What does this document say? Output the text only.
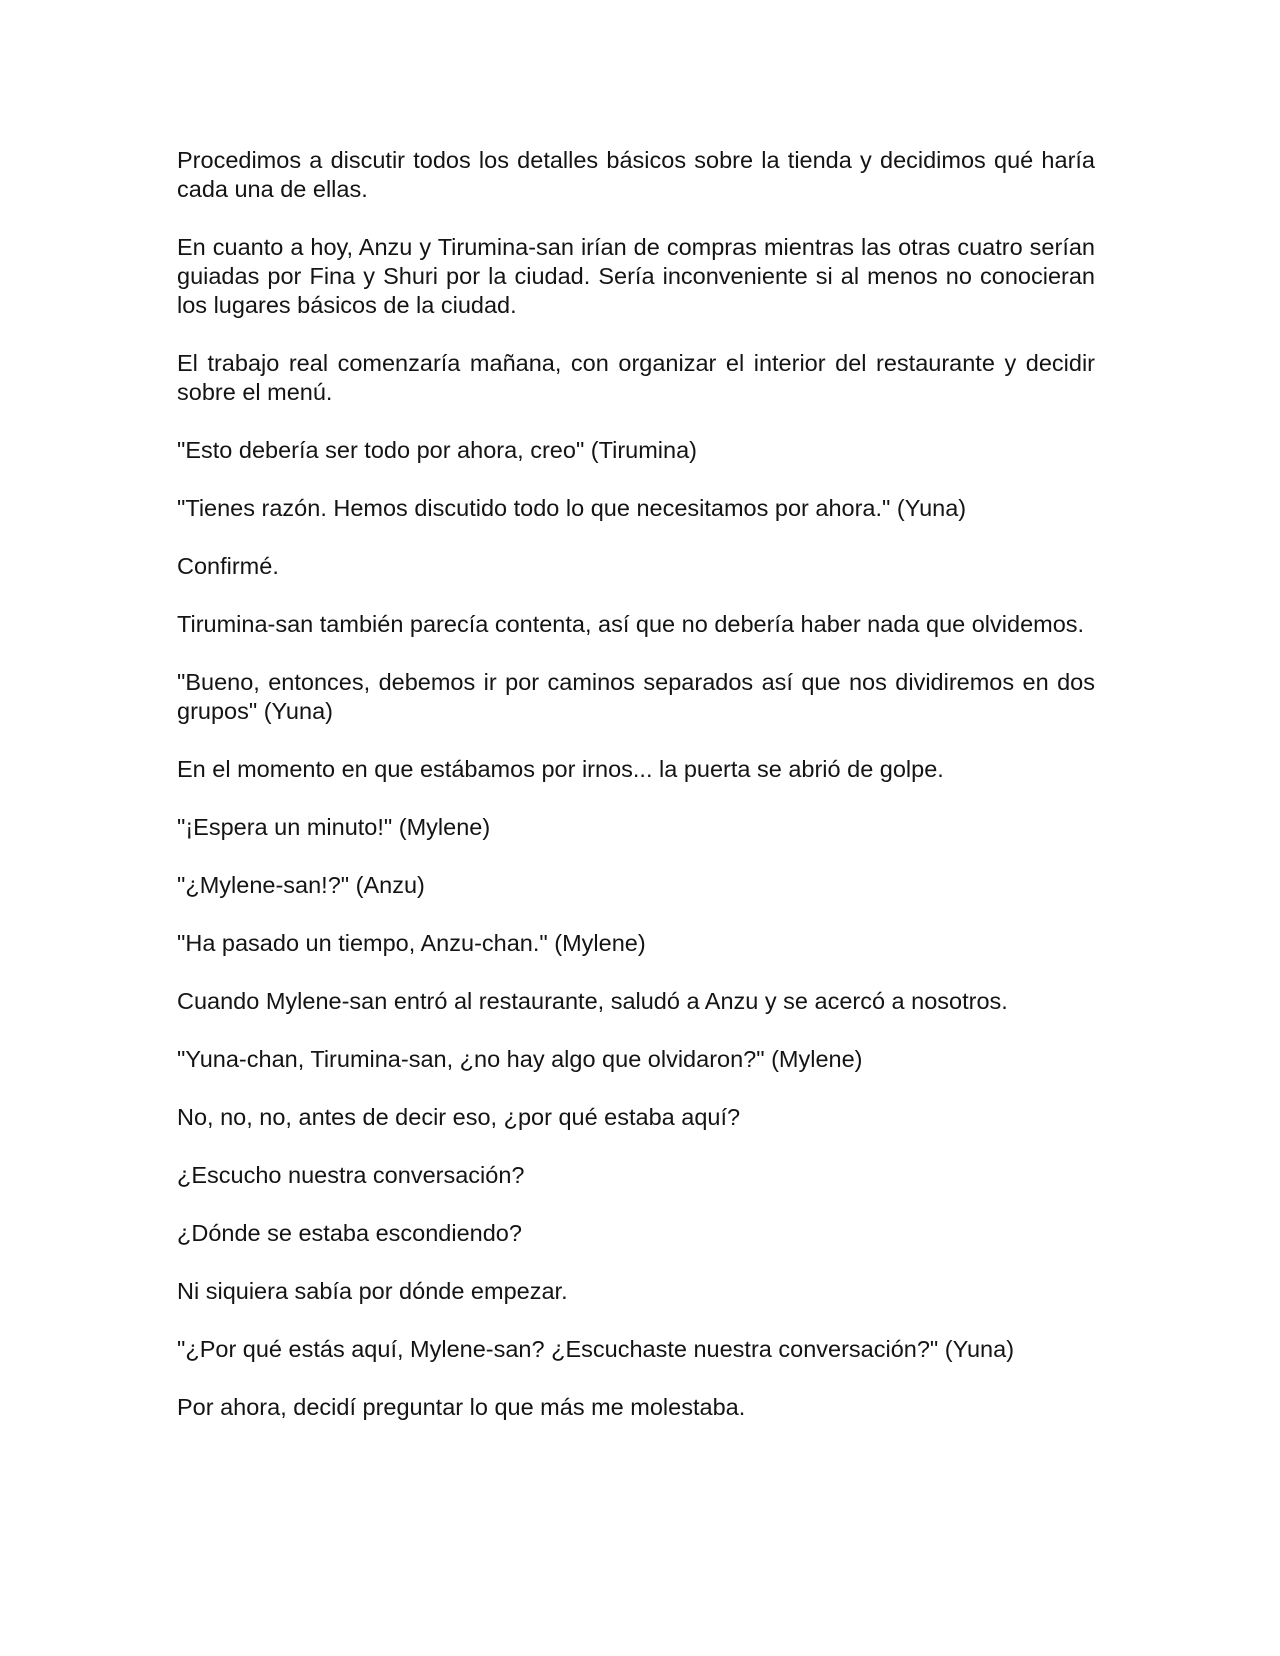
Procedimos a discutir todos los detalles básicos sobre la tienda y decidimos qué haría cada una de ellas.

En cuanto a hoy, Anzu y Tirumina-san irían de compras mientras las otras cuatro serían guiadas por Fina y Shuri por la ciudad. Sería inconveniente si al menos no conocieran los lugares básicos de la ciudad.

El trabajo real comenzaría mañana, con organizar el interior del restaurante y decidir sobre el menú.

"Esto debería ser todo por ahora, creo" (Tirumina)

"Tienes razón. Hemos discutido todo lo que necesitamos por ahora." (Yuna)

Confirmé.

Tirumina-san también parecía contenta, así que no debería haber nada que olvidemos.

"Bueno, entonces, debemos ir por caminos separados así que nos dividiremos en dos grupos" (Yuna)

En el momento en que estábamos por irnos... la puerta se abrió de golpe.

"¡Espera un minuto!" (Mylene)

"¿Mylene-san!?" (Anzu)

"Ha pasado un tiempo, Anzu-chan." (Mylene)

Cuando Mylene-san entró al restaurante, saludó a Anzu y se acercó a nosotros.

"Yuna-chan, Tirumina-san, ¿no hay algo que olvidaron?" (Mylene)

No, no, no, antes de decir eso, ¿por qué estaba aquí?

¿Escucho nuestra conversación?

¿Dónde se estaba escondiendo?

Ni siquiera sabía por dónde empezar.

"¿Por qué estás aquí, Mylene-san? ¿Escuchaste nuestra conversación?" (Yuna)

Por ahora, decidí preguntar lo que más me molestaba.
